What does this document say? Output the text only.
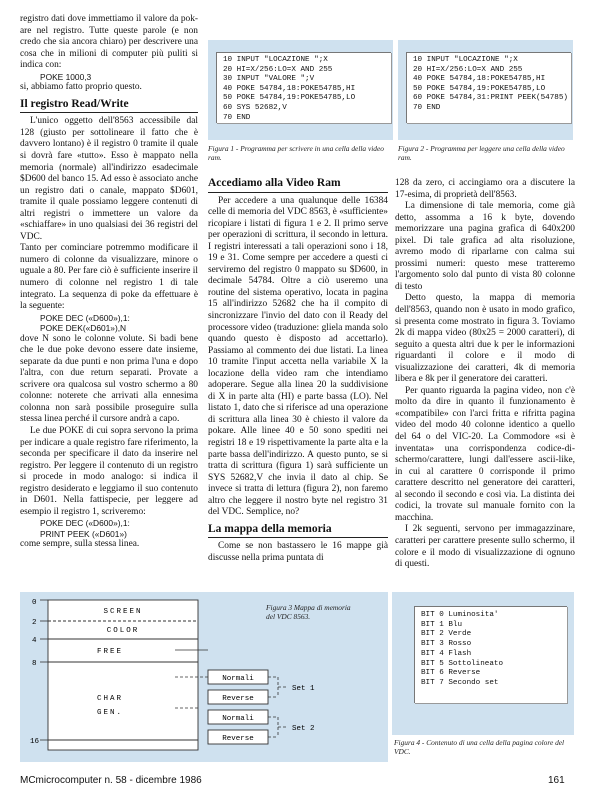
registro dati dove immettiamo il valore da pok-are nel registro. Tutte queste parole (e non credo che sia ancora chiaro) per descrivere una cosa che in milioni di computer più puliti si indica con:

POKE 1000,3

si, abbiamo fatto proprio questo.

Il registro Read/Write

L'unico oggetto dell'8563 accessibile dal 128 (giusto per sottolineare il fatto che è davvero lontano) è il registro 0 tramite il quale si dovrà fare «tutto». Esso è mappato nella memoria (normale) all'indirizzo esadecimale $D600 del banco 15. Ad esso è associato anche un registro dati o canale, mappato $D601, tramite il quale possiamo leggere contenuti di altri registri o immettere un valore da «schiaffare» in uno qualsiasi dei 36 registri del VDC.

Tanto per cominciare potremmo modificare il numero di colonne da visualizzare, minore o uguale a 80. Per fare ciò è sufficiente inserire il numero di colonne nel registro 1 di tale integrato. La sequenza di poke da effettuare è la seguente:

POKE DEC («D600»),1:
POKE DEK(«D601»),N

dove N sono le colonne volute. Si badi bene che le due poke devono essere date insieme, separate da due punti e non prima l'una e dopo l'altra, con due return separati. Provate a scrivere ora qualcosa sul vostro schermo a 80 colonne: noterete che arrivati alla ennesima colonna non sarà possibile proseguire sulla stessa linea perché il cursore andrà a capo.

Le due POKE di cui sopra servono la prima per indicare a quale registro fare riferimento, la seconda per specificare il dato da inserire nel registro. Per leggere il contenuto di un registro si procede in modo analogo: si indica il registro desiderato e leggiamo il suo contenuto in D601. Nella fattispecie, per leggere ad esempio il registro 1, scriveremo:

POKE DEC («D600»),1:
PRINT PEEK («D601»)

come sempre, sulla stessa linea.

10 INPUT "LOCAZIONE ";X
20 HI=X/256:LO=X AND 255
30 INPUT "VALORE ";V
40 POKE 54784,18:POKE54785,HI
50 POKE 54784,19:POKE54785,LO
60 SYS 52682,V
70 END
Figura 1 - Programma per scrivere in una cella della video ram.
10 INPUT "LOCAZIONE ";X
20 HI=X/256:LO=X AND 255
40 POKE 54784,18:POKE54785,HI
50 POKE 54784,19:POKE54785,LO
60 POKE 54784,31:PRINT PEEK(54785)
70 END
Figura 2 - Programma per leggere una cella della video ram.
Accediamo alla Video Ram

Per accedere a una qualunque delle 16384 celle di memoria del VDC 8563, è «sufficiente» ricopiare i listati di figura 1 e 2. Il primo serve per operazioni di scrittura, il secondo in lettura. I registri interessati a tali operazioni sono i 18, 19 e 31. Come sempre per accedere a questi ci serviremo del registro 0 mappato su $D600, in decimale 54784. Oltre a ciò useremo una routine del sistema operativo, locata in pagina 15 all'indirizzo 52682 che ha il compito di sincronizzare l'invio del dato con il Ready del processore video (traduzione: gliela manda solo quando questo è disposto ad accettarlo). Passiamo al commento dei due listati. La linea 10 tramite l'input accetta nella variabile X la locazione della video ram che intendiamo adoperare. Segue alla linea 20 la suddivisione di X in parte alta (HI) e parte bassa (LO). Nel listato 1, dato che si riferisce ad una operazione di scrittura alla linea 30 è chiesto il valore da pokare. Alle linee 40 e 50 sono spediti nei registri 18 e 19 rispettivamente la parte alta e la parte bassa dell'indirizzo. A questo punto, se si tratta di scrittura (figura 1) sarà sufficiente un SYS 52682,V che invia il dato al chip. Se invece si tratta di lettura (figura 2), non faremo altro che leggere il nostro byte nel registro 31 del VDC. Semplice, no?

La mappa della memoria

Come se non bastassero le 16 mappe già discusse nella prima puntata di

128 da zero, ci accingiamo ora a discutere la 17-esima, di proprietà dell'8563.

La dimensione di tale memoria, come già detto, assomma a 16 k byte, dovendo memorizzare una pagina grafica di 640x200 pixel. Di tale grafica ad alta risoluzione, avremo modo di riparlarne con calma sui prossimi numeri: questo mese tratteremo l'argomento solo dal punto di vista 80 colonne di testo

Detto questo, la mappa di memoria dell'8563, quando non è usato in modo grafico, si presenta come mostrato in figura 3. Toviamo 2k di mappa video (80x25 = 2000 caratteri), di seguito a questa altri due k per le informazioni riguardanti il colore e il modo di visualizzazione dei caratteri, 4k di memoria libera e 8k per il generatore dei caratteri.

Per quanto riguarda la pagina video, non c'è molto da dire in quanto il funzionamento è «compatibile» con l'arci fritta e rifritta pagina video del modo 40 colonne identico a quello del 64 o del VIC-20. La Commodore «si è inventata» una corrispondenza codice-di-schermo/carattere, lungi dall'essere ascii-like, in cui al carattere 0 corrisponde il primo carattere descritto nel generatore dei caratteri, al secondo il secondo e così via. La distinta dei codici, la trovate sul manuale fornito con la macchina.

I 2k seguenti, servono per immagazzinare, caratteri per carattere presente sullo schermo, il colore e il modo di visualizzazione di ognuno di questi.

SCREEN
COLOR
FREE
CHAR
GEN.
0
2
4
8
16
Normali
Reverse
Normali
Reverse
Set 1
Set 2
Figura 3 Mappa di memoria del VDC 8563.	BIT 0 Luminosita'
BIT 1 Blu
BIT 2 Verde
BIT 3 Rosso
BIT 4 Flash
BIT 5 Sottolineato
BIT 6 Reverse
BIT 7 Secondo set
Figura 4 - Contenuto di una cella della pagina colore del VDC.
MCmicrocomputer n. 58 - dicembre 1986	161
